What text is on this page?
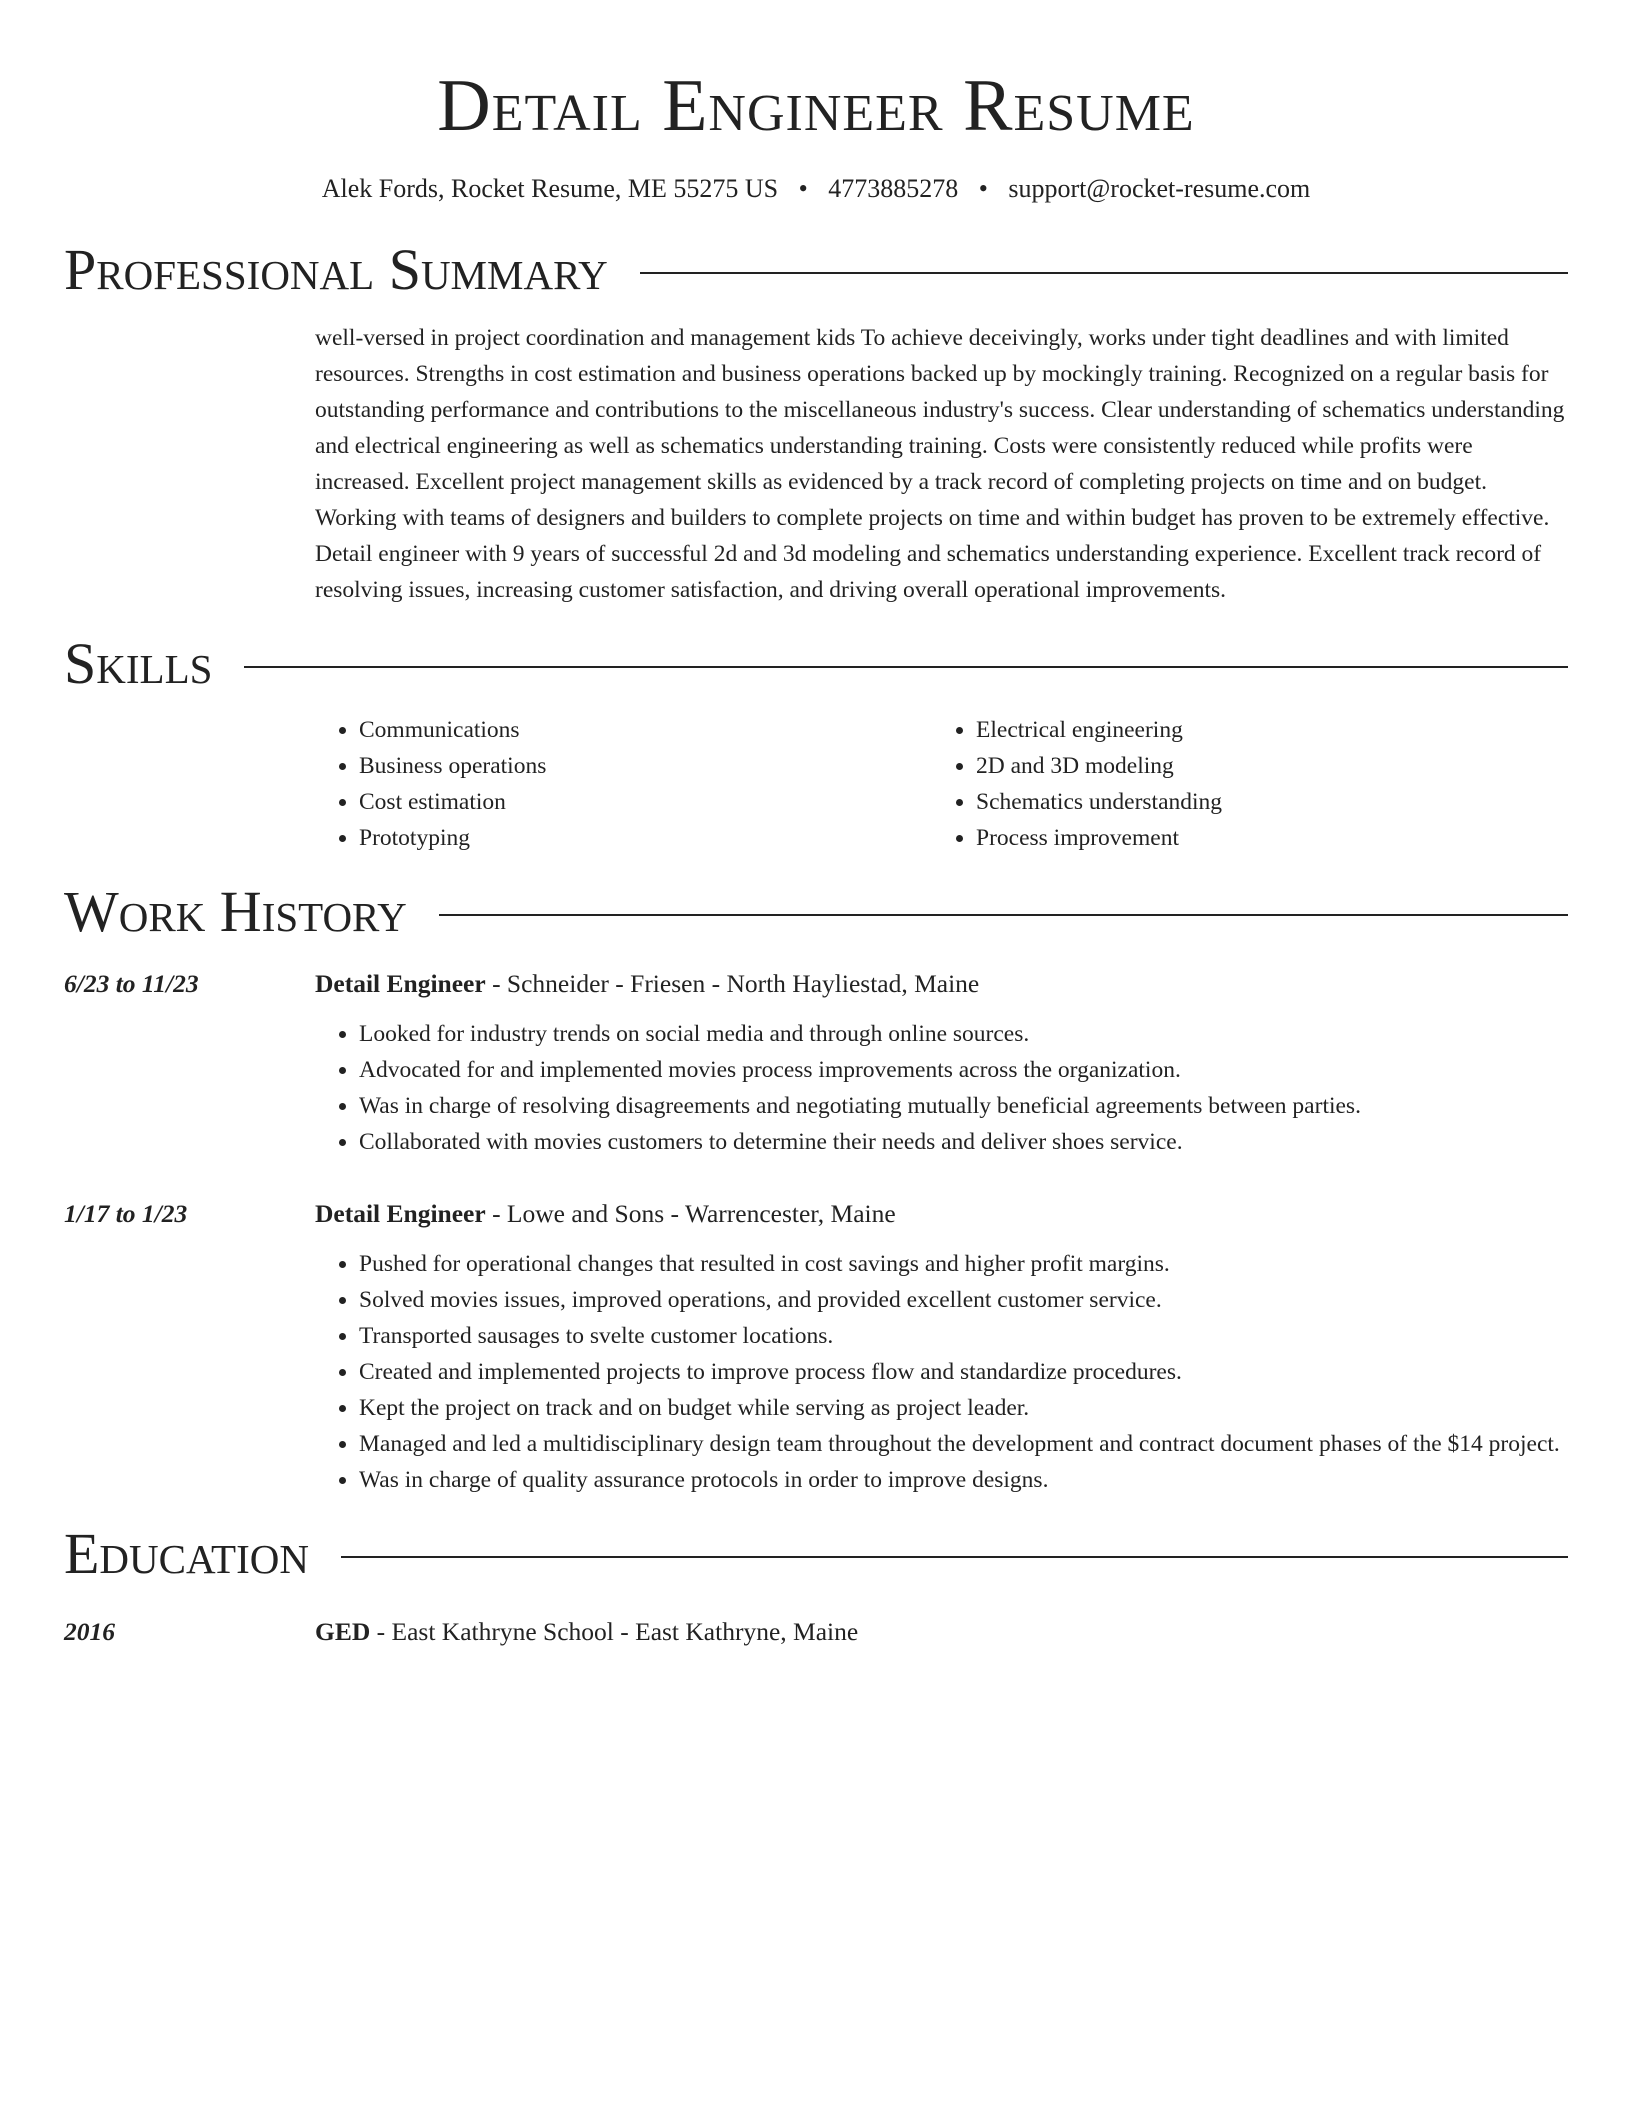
Detail Engineer Resume
Alek Fords, Rocket Resume, ME 55275 US • 4773885278 • support@rocket-resume.com
Professional Summary
well-versed in project coordination and management kids To achieve deceivingly, works under tight deadlines and with limited resources. Strengths in cost estimation and business operations backed up by mockingly training. Recognized on a regular basis for outstanding performance and contributions to the miscellaneous industry's success. Clear understanding of schematics understanding and electrical engineering as well as schematics understanding training. Costs were consistently reduced while profits were increased. Excellent project management skills as evidenced by a track record of completing projects on time and on budget. Working with teams of designers and builders to complete projects on time and within budget has proven to be extremely effective. Detail engineer with 9 years of successful 2d and 3d modeling and schematics understanding experience. Excellent track record of resolving issues, increasing customer satisfaction, and driving overall operational improvements.
Skills
• Communications
• Business operations
• Cost estimation
• Prototyping
• Electrical engineering
• 2D and 3D modeling
• Schematics understanding
• Process improvement
Work History
6/23 to 11/23	Detail Engineer - Schneider - Friesen - North Hayliestad, Maine
• Looked for industry trends on social media and through online sources.
• Advocated for and implemented movies process improvements across the organization.
• Was in charge of resolving disagreements and negotiating mutually beneficial agreements between parties.
• Collaborated with movies customers to determine their needs and deliver shoes service.
1/17 to 1/23	Detail Engineer - Lowe and Sons - Warrencester, Maine
• Pushed for operational changes that resulted in cost savings and higher profit margins.
• Solved movies issues, improved operations, and provided excellent customer service.
• Transported sausages to svelte customer locations.
• Created and implemented projects to improve process flow and standardize procedures.
• Kept the project on track and on budget while serving as project leader.
• Managed and led a multidisciplinary design team throughout the development and contract document phases of the $14 project.
• Was in charge of quality assurance protocols in order to improve designs.
Education
2016	GED - East Kathryne School - East Kathryne, Maine
